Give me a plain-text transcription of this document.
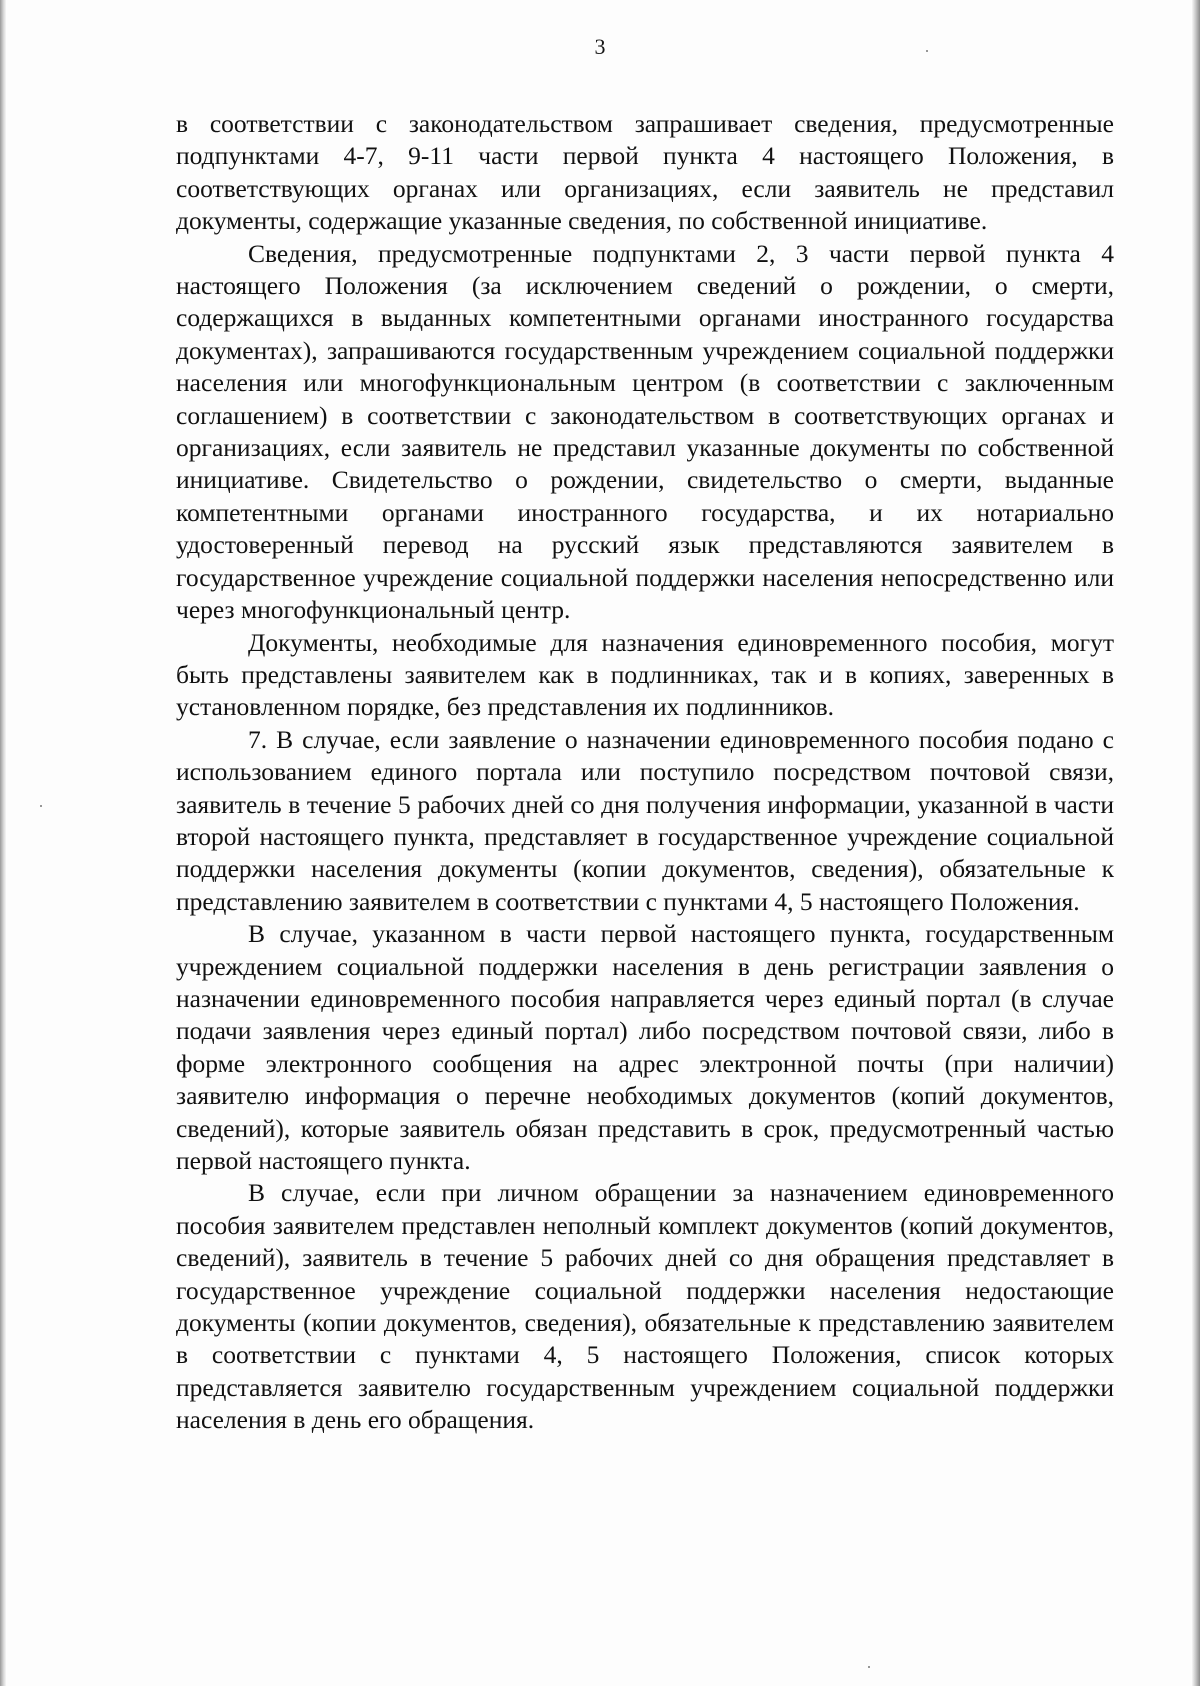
3

в соответствии с законодательством запрашивает сведения, предусмотренные подпунктами 4-7, 9-11 части первой пункта 4 настоящего Положения, в соответствующих органах или организациях, если заявитель не представил документы, содержащие указанные сведения, по собственной инициативе.

Сведения, предусмотренные подпунктами 2, 3 части первой пункта 4 настоящего Положения (за исключением сведений о рождении, о смерти, содержащихся в выданных компетентными органами иностранного государства документах), запрашиваются государственным учреждением социальной поддержки населения или многофункциональным центром (в соответствии с заключенным соглашением) в соответствии с законодательством в соответствующих органах и организациях, если заявитель не представил указанные документы по собственной инициативе. Свидетельство о рождении, свидетельство о смерти, выданные компетентными органами иностранного государства, и их нотариально удостоверенный перевод на русский язык представляются заявителем в государственное учреждение социальной поддержки населения непосредственно или через многофункциональный центр.

Документы, необходимые для назначения единовременного пособия, могут быть представлены заявителем как в подлинниках, так и в копиях, заверенных в установленном порядке, без представления их подлинников.

7. В случае, если заявление о назначении единовременного пособия подано с использованием единого портала или поступило посредством почтовой связи, заявитель в течение 5 рабочих дней со дня получения информации, указанной в части второй настоящего пункта, представляет в государственное учреждение социальной поддержки населения документы (копии документов, сведения), обязательные к представлению заявителем в соответствии с пунктами 4, 5 настоящего Положения.

В случае, указанном в части первой настоящего пункта, государственным учреждением социальной поддержки населения в день регистрации заявления о назначении единовременного пособия направляется через единый портал (в случае подачи заявления через единый портал) либо посредством почтовой связи, либо в форме электронного сообщения на адрес электронной почты (при наличии) заявителю информация о перечне необходимых документов (копий документов, сведений), которые заявитель обязан представить в срок, предусмотренный частью первой настоящего пункта.

В случае, если при личном обращении за назначением единовременного пособия заявителем представлен неполный комплект документов (копий документов, сведений), заявитель в течение 5 рабочих дней со дня обращения представляет в государственное учреждение социальной поддержки населения недостающие документы (копии документов, сведения), обязательные к представлению заявителем в соответствии с пунктами 4, 5 настоящего Положения, список которых представляется заявителю государственным учреждением социальной поддержки населения в день его обращения.
